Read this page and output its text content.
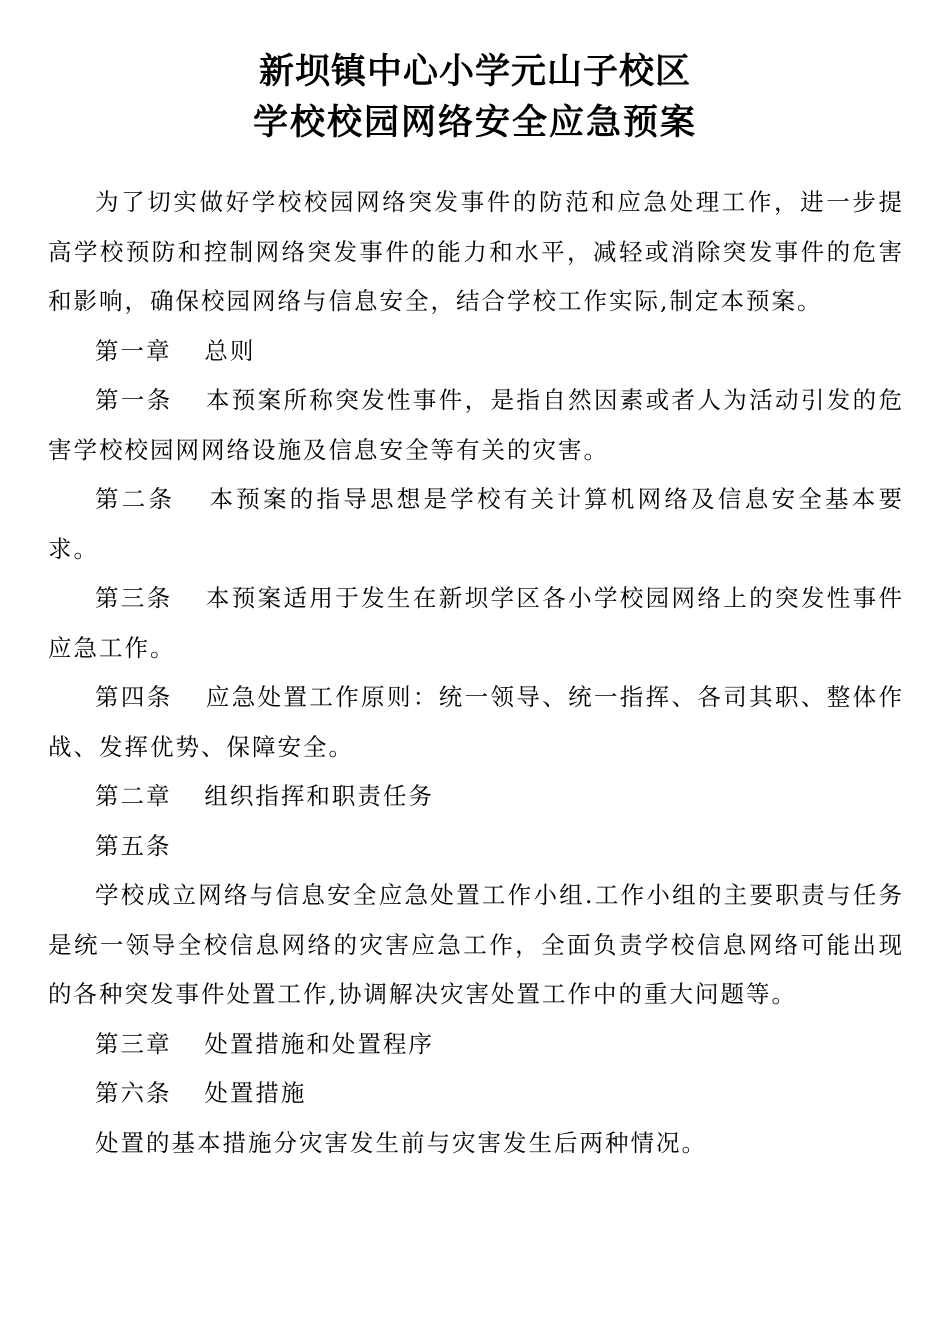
新坝镇中心小学元山子校区
学校校园网络安全应急预案

为了切实做好学校校园网络突发事件的防范和应急处理工作，进一步提高学校预防和控制网络突发事件的能力和水平，减轻或消除突发事件的危害和影响，确保校园网络与信息安全，结合学校工作实际,制定本预案。

第一章 总则

第一条 本预案所称突发性事件，是指自然因素或者人为活动引发的危害学校校园网网络设施及信息安全等有关的灾害。

第二条 本预案的指导思想是学校有关计算机网络及信息安全基本要求。

第三条 本预案适用于发生在新坝学区各小学校园网络上的突发性事件应急工作。

第四条 应急处置工作原则：统一领导、统一指挥、各司其职、整体作战、发挥优势、保障安全。

第二章 组织指挥和职责任务

第五条

学校成立网络与信息安全应急处置工作小组.工作小组的主要职责与任务是统一领导全校信息网络的灾害应急工作，全面负责学校信息网络可能出现的各种突发事件处置工作,协调解决灾害处置工作中的重大问题等。

第三章 处置措施和处置程序

第六条 处置措施

处置的基本措施分灾害发生前与灾害发生后两种情况。
